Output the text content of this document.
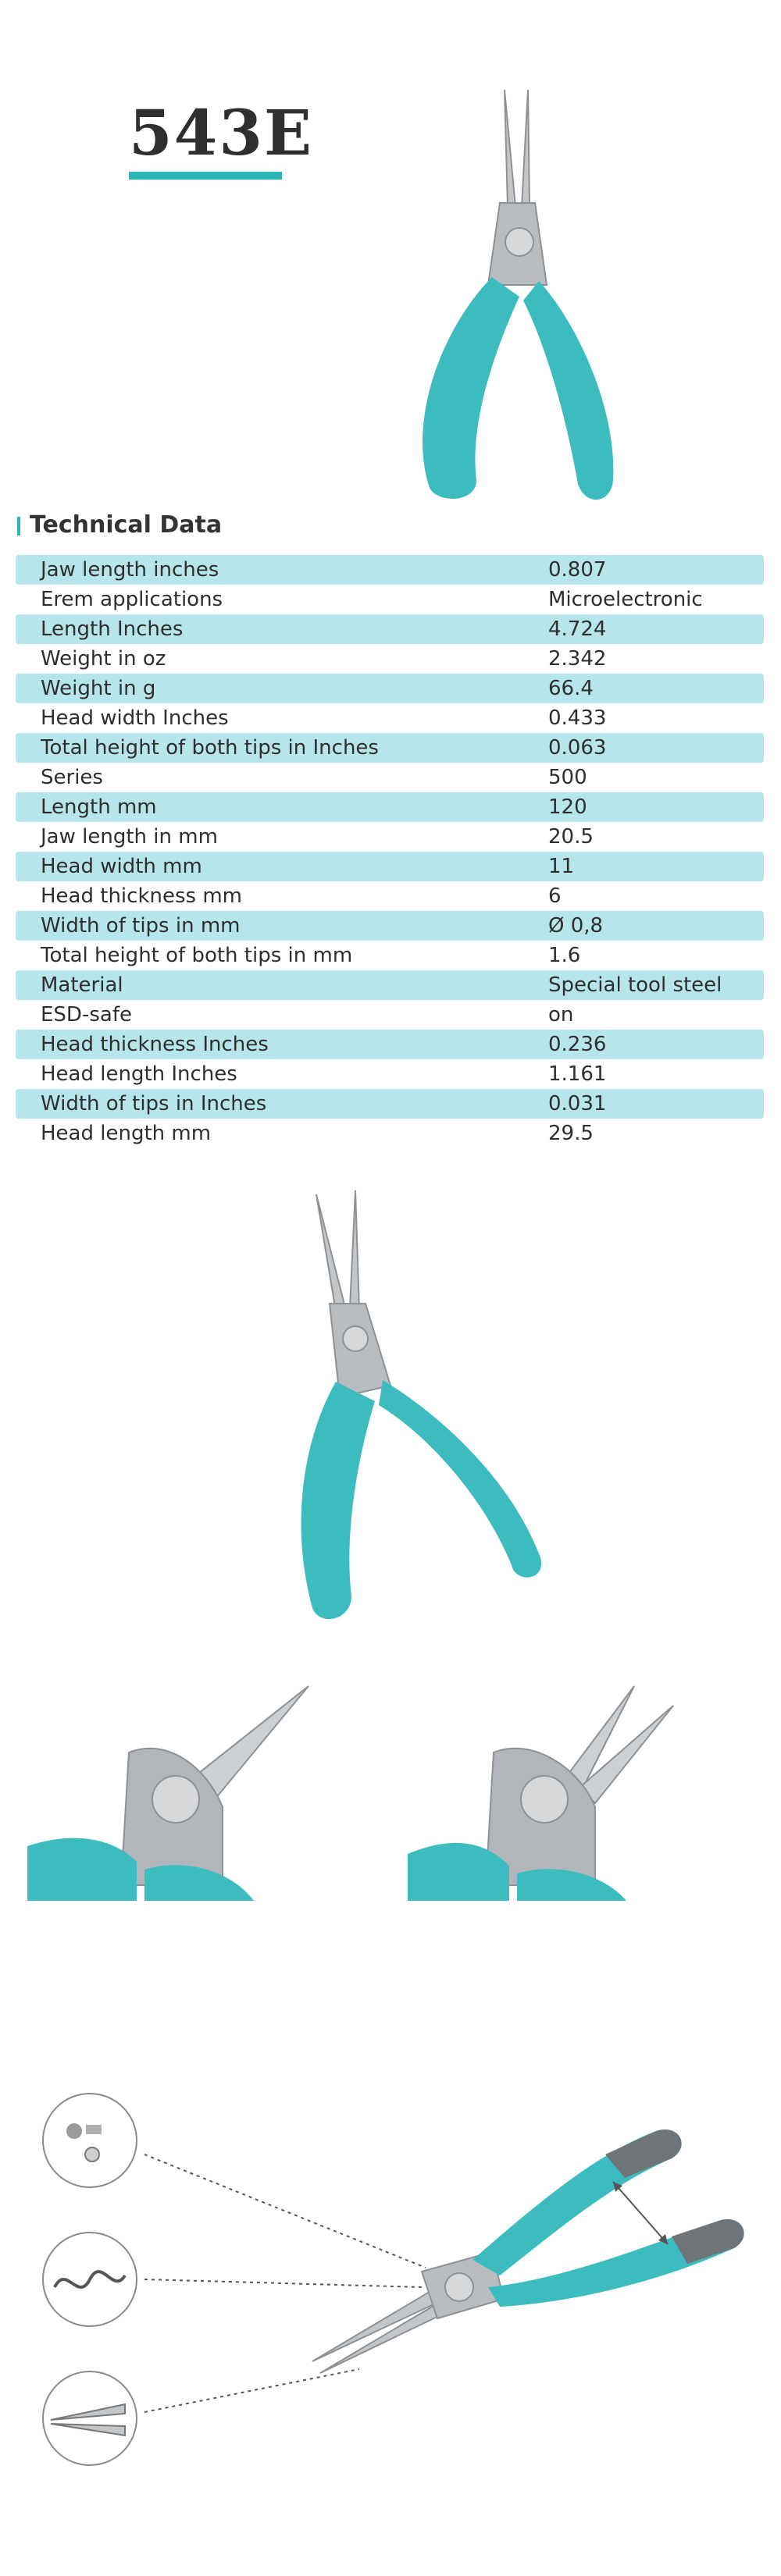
543E
Technical Data
Jaw length inches	0.807
Erem applications	Microelectronic
Length Inches	4.724
Weight in oz	2.342
Weight in g	66.4
Head width Inches	0.433
Total height of both tips in Inches	0.063
Series	500
Length mm	120
Jaw length in mm	20.5
Head width mm	11
Head thickness mm	6
Width of tips in mm	Ø 0,8
Total height of both tips in mm	1.6
Material	Special tool steel
ESD-safe	on
Head thickness Inches	0.236
Head length Inches	1.161
Width of tips in Inches	0.031
Head length mm	29.5
